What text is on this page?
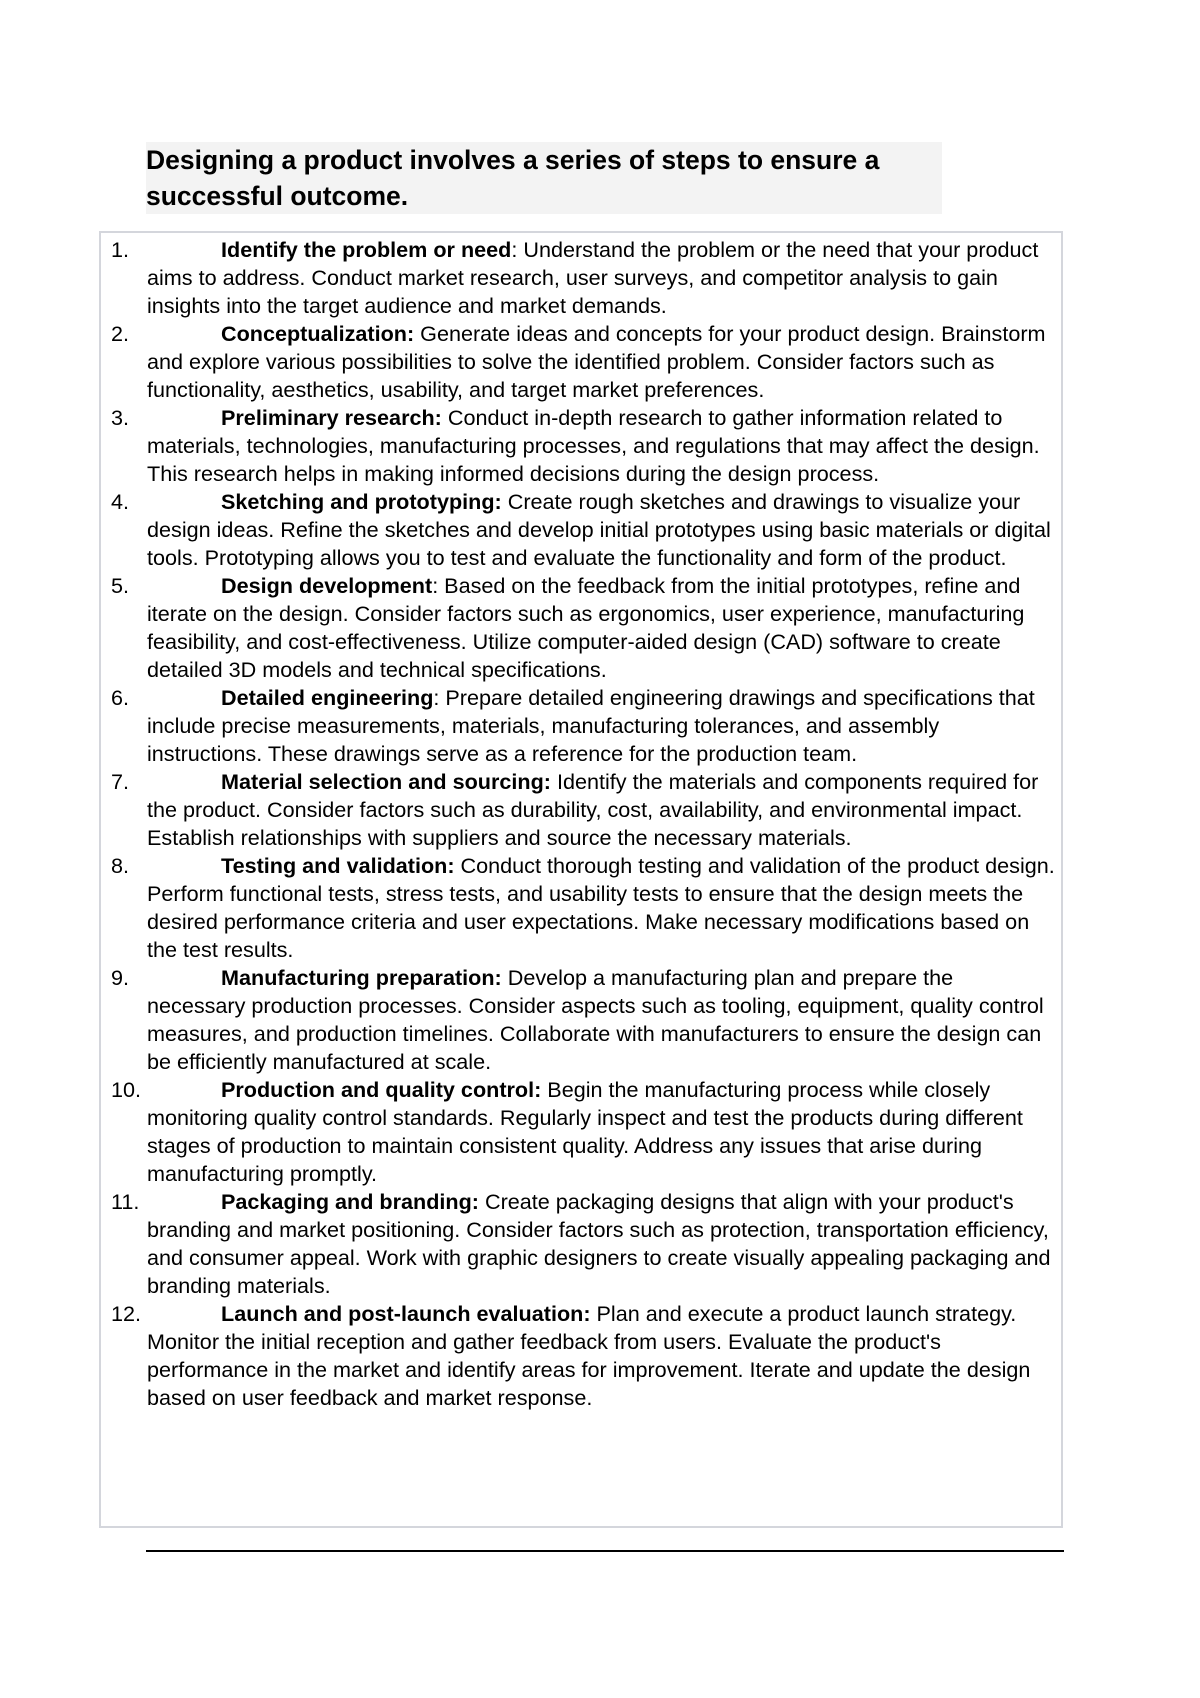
Designing a product involves a series of steps to ensure a successful outcome.
1.	Identify the problem or need: Understand the problem or the need that your product aims to address. Conduct market research, user surveys, and competitor analysis to gain insights into the target audience and market demands.
2.	Conceptualization: Generate ideas and concepts for your product design. Brainstorm and explore various possibilities to solve the identified problem. Consider factors such as functionality, aesthetics, usability, and target market preferences.
3.	Preliminary research: Conduct in-depth research to gather information related to materials, technologies, manufacturing processes, and regulations that may affect the design. This research helps in making informed decisions during the design process.
4.	Sketching and prototyping: Create rough sketches and drawings to visualize your design ideas. Refine the sketches and develop initial prototypes using basic materials or digital tools. Prototyping allows you to test and evaluate the functionality and form of the product.
5.	Design development: Based on the feedback from the initial prototypes, refine and iterate on the design. Consider factors such as ergonomics, user experience, manufacturing feasibility, and cost-effectiveness. Utilize computer-aided design (CAD) software to create detailed 3D models and technical specifications.
6.	Detailed engineering: Prepare detailed engineering drawings and specifications that include precise measurements, materials, manufacturing tolerances, and assembly instructions. These drawings serve as a reference for the production team.
7.	Material selection and sourcing: Identify the materials and components required for the product. Consider factors such as durability, cost, availability, and environmental impact. Establish relationships with suppliers and source the necessary materials.
8.	Testing and validation: Conduct thorough testing and validation of the product design. Perform functional tests, stress tests, and usability tests to ensure that the design meets the desired performance criteria and user expectations. Make necessary modifications based on the test results.
9.	Manufacturing preparation: Develop a manufacturing plan and prepare the necessary production processes. Consider aspects such as tooling, equipment, quality control measures, and production timelines. Collaborate with manufacturers to ensure the design can be efficiently manufactured at scale.
10.	Production and quality control: Begin the manufacturing process while closely monitoring quality control standards. Regularly inspect and test the products during different stages of production to maintain consistent quality. Address any issues that arise during manufacturing promptly.
11.	Packaging and branding: Create packaging designs that align with your product's branding and market positioning. Consider factors such as protection, transportation efficiency, and consumer appeal. Work with graphic designers to create visually appealing packaging and branding materials.
12.	Launch and post-launch evaluation: Plan and execute a product launch strategy. Monitor the initial reception and gather feedback from users. Evaluate the product's performance in the market and identify areas for improvement. Iterate and update the design based on user feedback and market response.
